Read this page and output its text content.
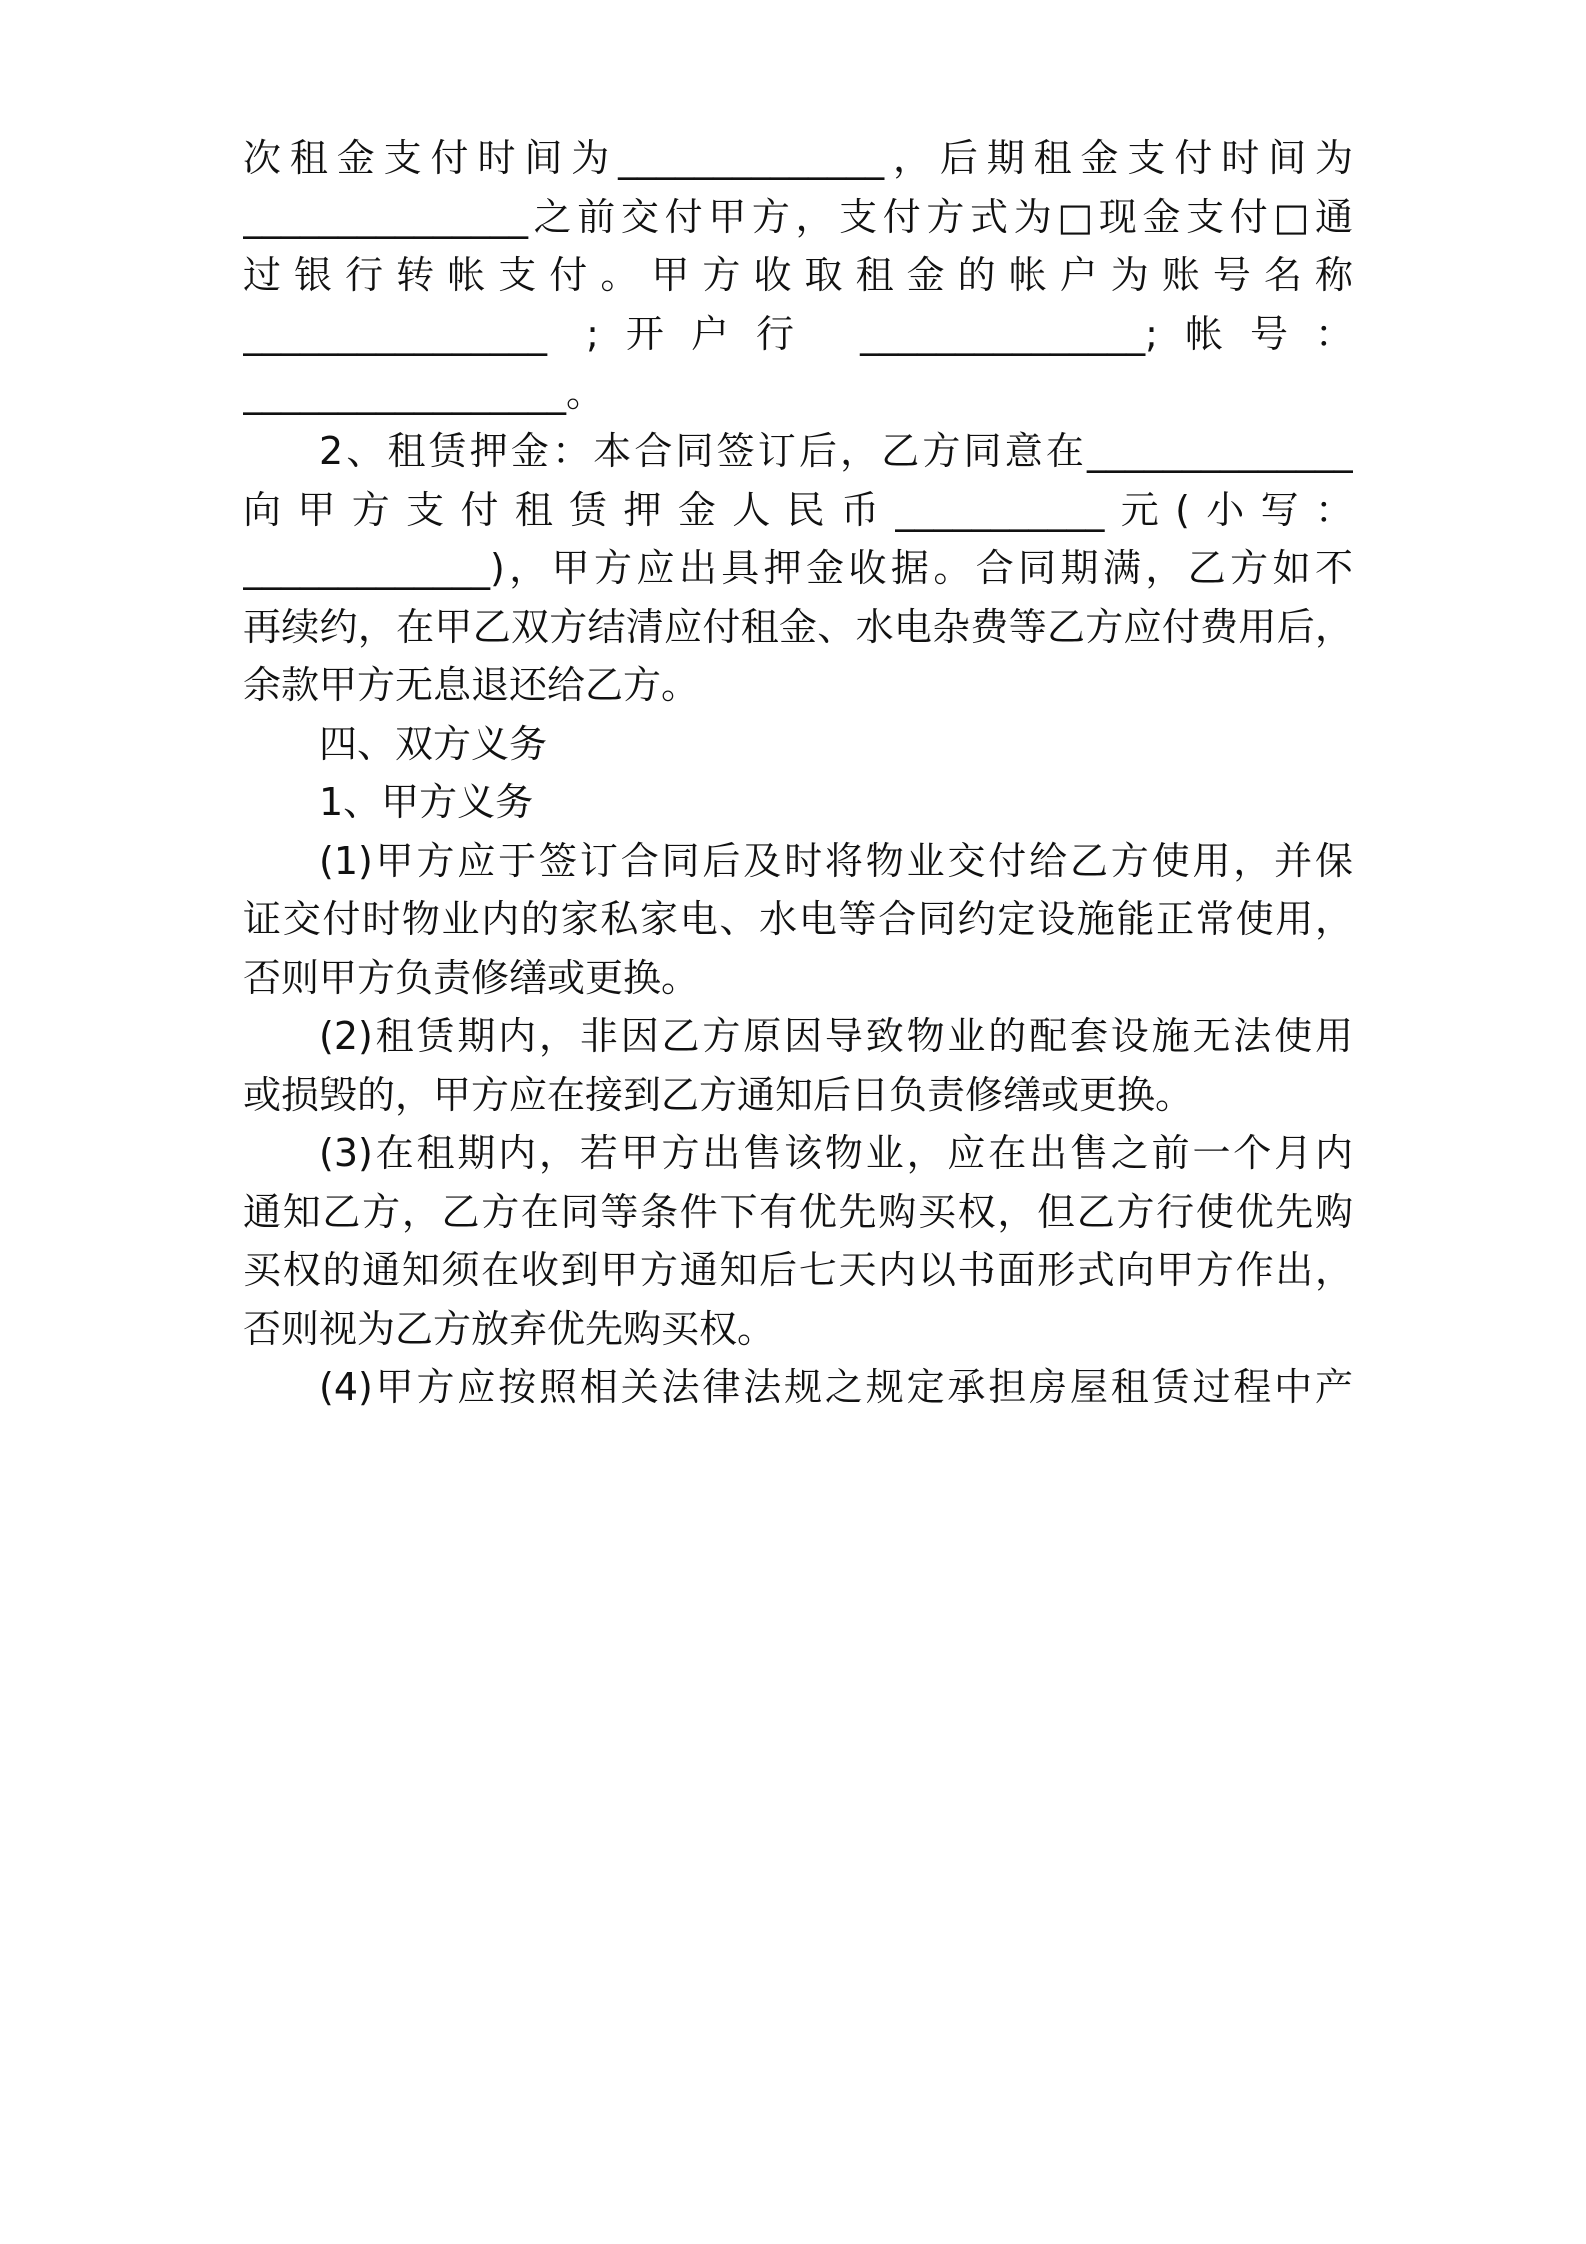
次租金支付时间为______________，后期租金支付时间为
_______________之前交付甲方，支付方式为□现金支付□通
过银行转帐支付。甲方收取租金的帐户为账号名称
________________ ;开户行 _______________;帐号：
_________________。
2、租赁押金：本合同签订后，乙方同意在______________
向甲方支付租赁押金人民币___________元(小写：
_____________)，甲方应出具押金收据。合同期满，乙方如不
再续约，在甲乙双方结清应付租金、水电杂费等乙方应付费用后，
余款甲方无息退还给乙方。
四、双方义务
1、甲方义务
(1)甲方应于签订合同后及时将物业交付给乙方使用，并保
证交付时物业内的家私家电、水电等合同约定设施能正常使用，
否则甲方负责修缮或更换。
(2)租赁期内，非因乙方原因导致物业的配套设施无法使用
或损毁的，甲方应在接到乙方通知后日负责修缮或更换。
(3)在租期内，若甲方出售该物业，应在出售之前一个月内
通知乙方，乙方在同等条件下有优先购买权，但乙方行使优先购
买权的通知须在收到甲方通知后七天内以书面形式向甲方作出，
否则视为乙方放弃优先购买权。
(4)甲方应按照相关法律法规之规定承担房屋租赁过程中产
